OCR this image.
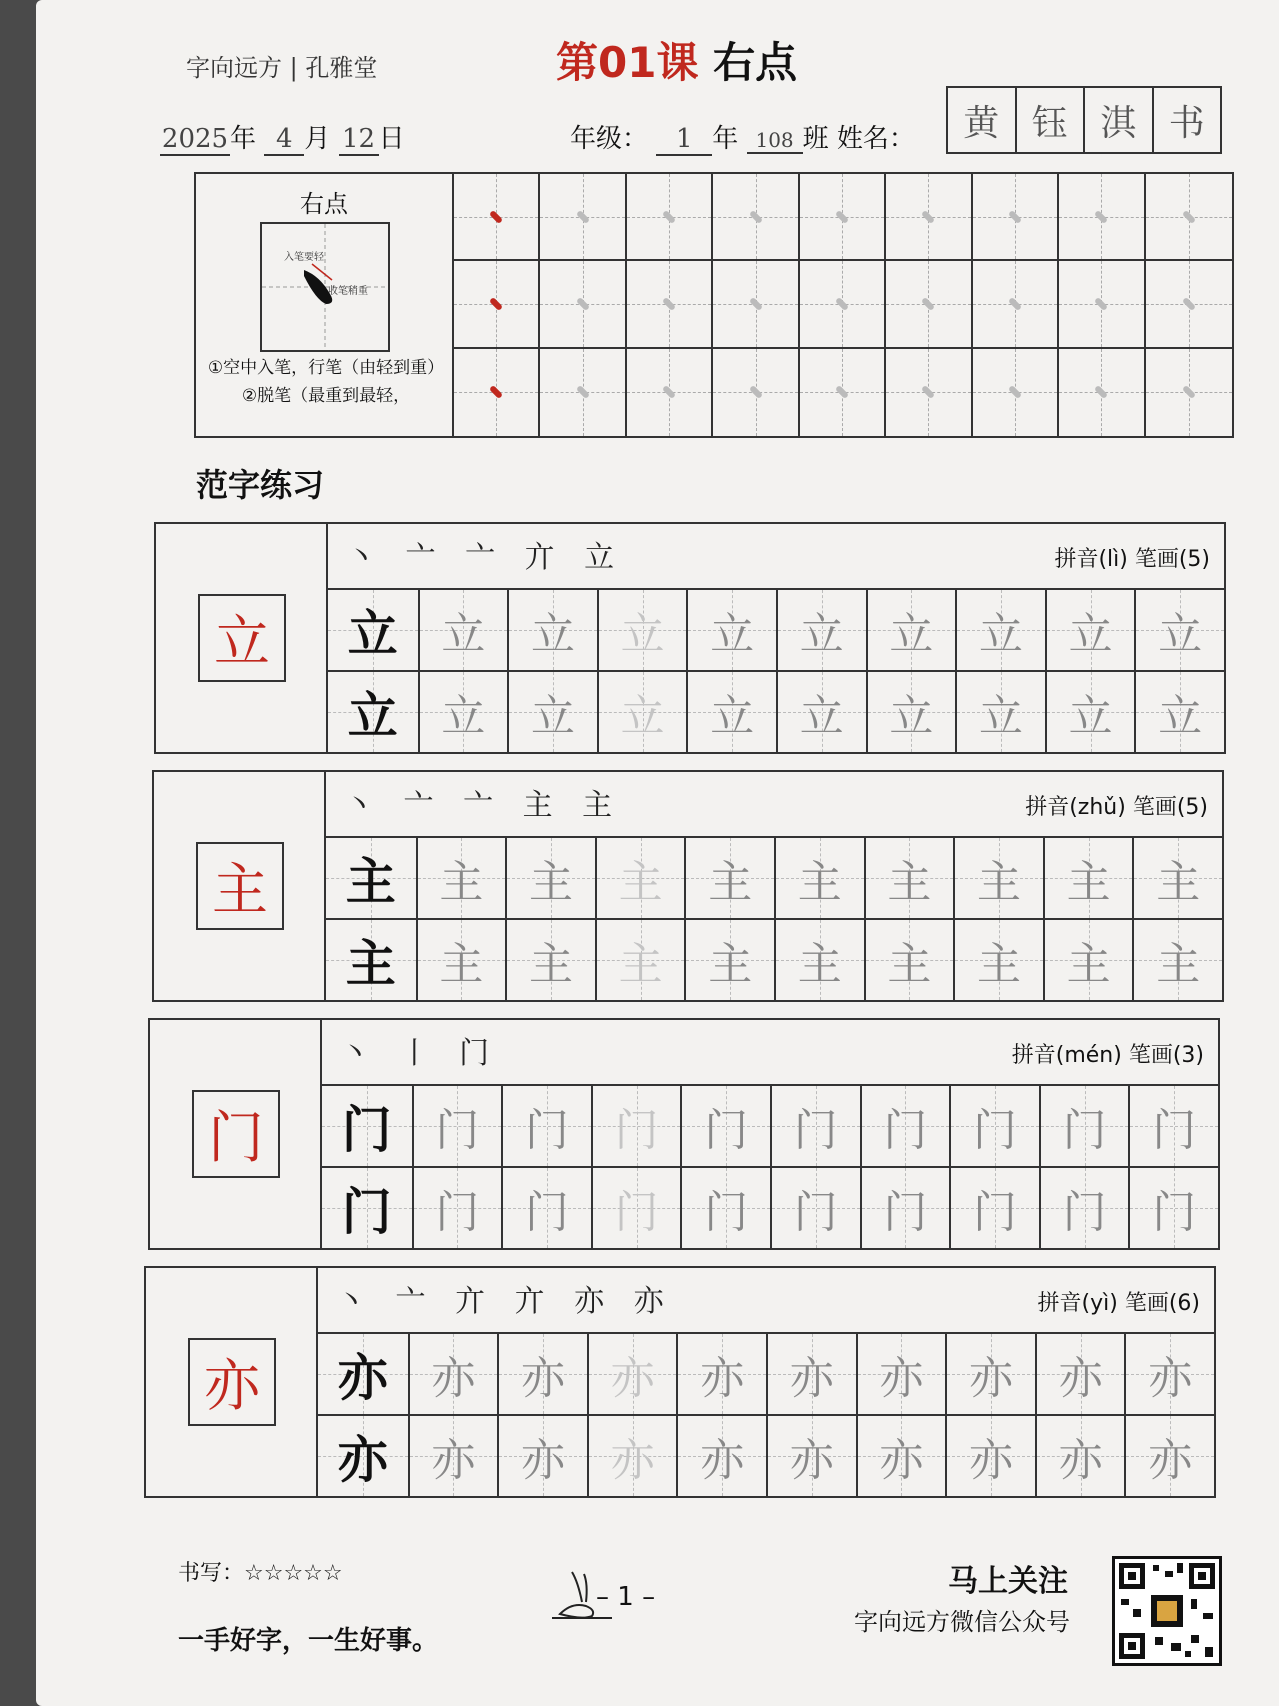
字向远方 | 孔雅堂	第01课 右点
2025年 4 月 12 日	年级： 1 年 108 班 姓名：	黄 钰 淇 书
右点
入笔要轻
收笔稍重
①空中入笔，行笔（由轻到重）②脱笔（最重到最轻，
范字练习
立
丶 亠 亠 亣 立	拼音(lì) 笔画(5)
立 立 立 立 立 立 立 立 立 立
立 立 立 立 立 立 立 立 立 立
主
丶 亠 亠 主 主	拼音(zhǔ) 笔画(5)
主 主 主 主 主 主 主 主 主 主
主 主 主 主 主 主 主 主 主 主
门
丶 丨 门	拼音(mén) 笔画(3)
门 门 门 门 门 门 门 门 门 门
门 门 门 门 门 门 门 门 门 门
亦
丶 亠 亣 亣 亦 亦	拼音(yì) 笔画(6)
亦 亦 亦 亦 亦 亦 亦 亦 亦 亦
亦 亦 亦 亦 亦 亦 亦 亦 亦 亦
书写：☆☆☆☆☆
一手好字，一生好事。
– 1 –	马上关注
字向远方微信公众号
